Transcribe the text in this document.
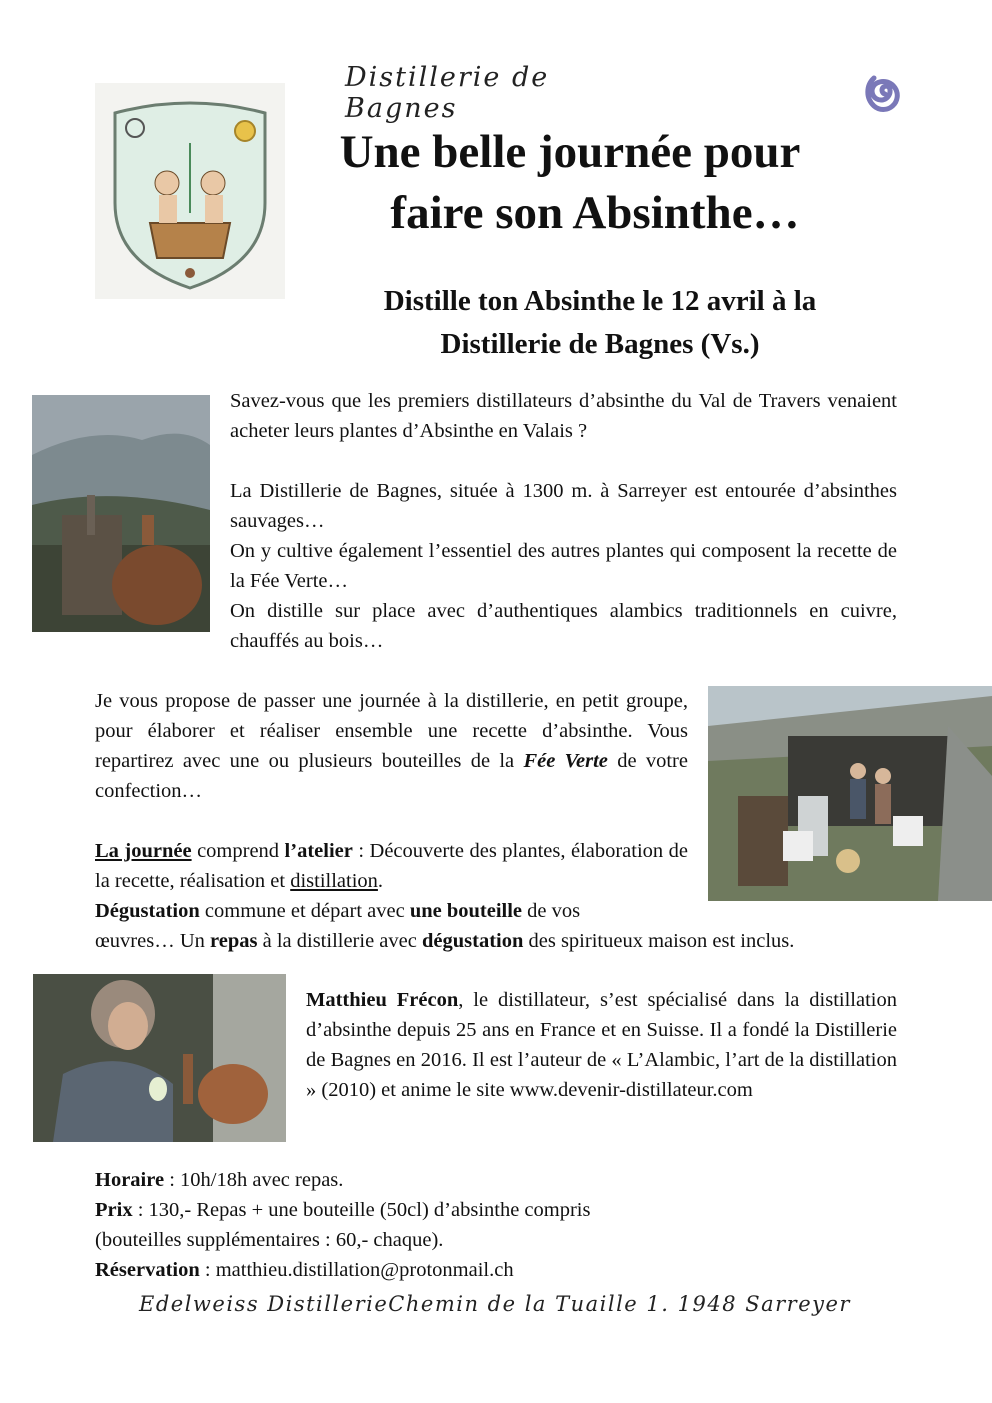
Distillerie de Bagnes
Une belle journée pour
faire son Absinthe…
Distille ton Absinthe le 12 avril à la
Distillerie de Bagnes (Vs.)

Savez-vous que les premiers distillateurs d’absinthe du Val de Travers venaient acheter leurs plantes d’Absinthe en Valais ?

La Distillerie de Bagnes, située à 1300 m. à Sarreyer est entourée d’absinthes sauvages…

On y cultive également l’essentiel des autres plantes qui composent la recette de la Fée Verte…

On distille sur place avec d’authentiques alambics traditionnels en cuivre, chauffés au bois…

Je vous propose de passer une journée à la distillerie, en petit groupe, pour élaborer et réaliser ensemble une recette d’absinthe. Vous repartirez avec une ou plusieurs bouteilles de la Fée Verte de votre confection…

La journée comprend l’atelier : Découverte des plantes, élaboration de la recette, réalisation et distillation.
Dégustation commune et départ avec une bouteille de vos

œuvres… Un repas à la distillerie avec dégustation des spiritueux maison est inclus.

Matthieu Frécon, le distillateur, s’est spécialisé dans la distillation d’absinthe depuis 25 ans en France et en Suisse. Il a fondé la Distillerie de Bagnes en 2016. Il est l’auteur de « L’Alambic, l’art de la distillation » (2010) et anime le site www.devenir-distillateur.com

Horaire : 10h/18h avec repas.

Prix : 130,- Repas + une bouteille (50cl) d’absinthe compris

(bouteilles supplémentaires : 60,- chaque).

Réservation : matthieu.distillation@protonmail.ch

Edelweiss DistillerieChemin de la Tuaille 1. 1948 Sarreyer
